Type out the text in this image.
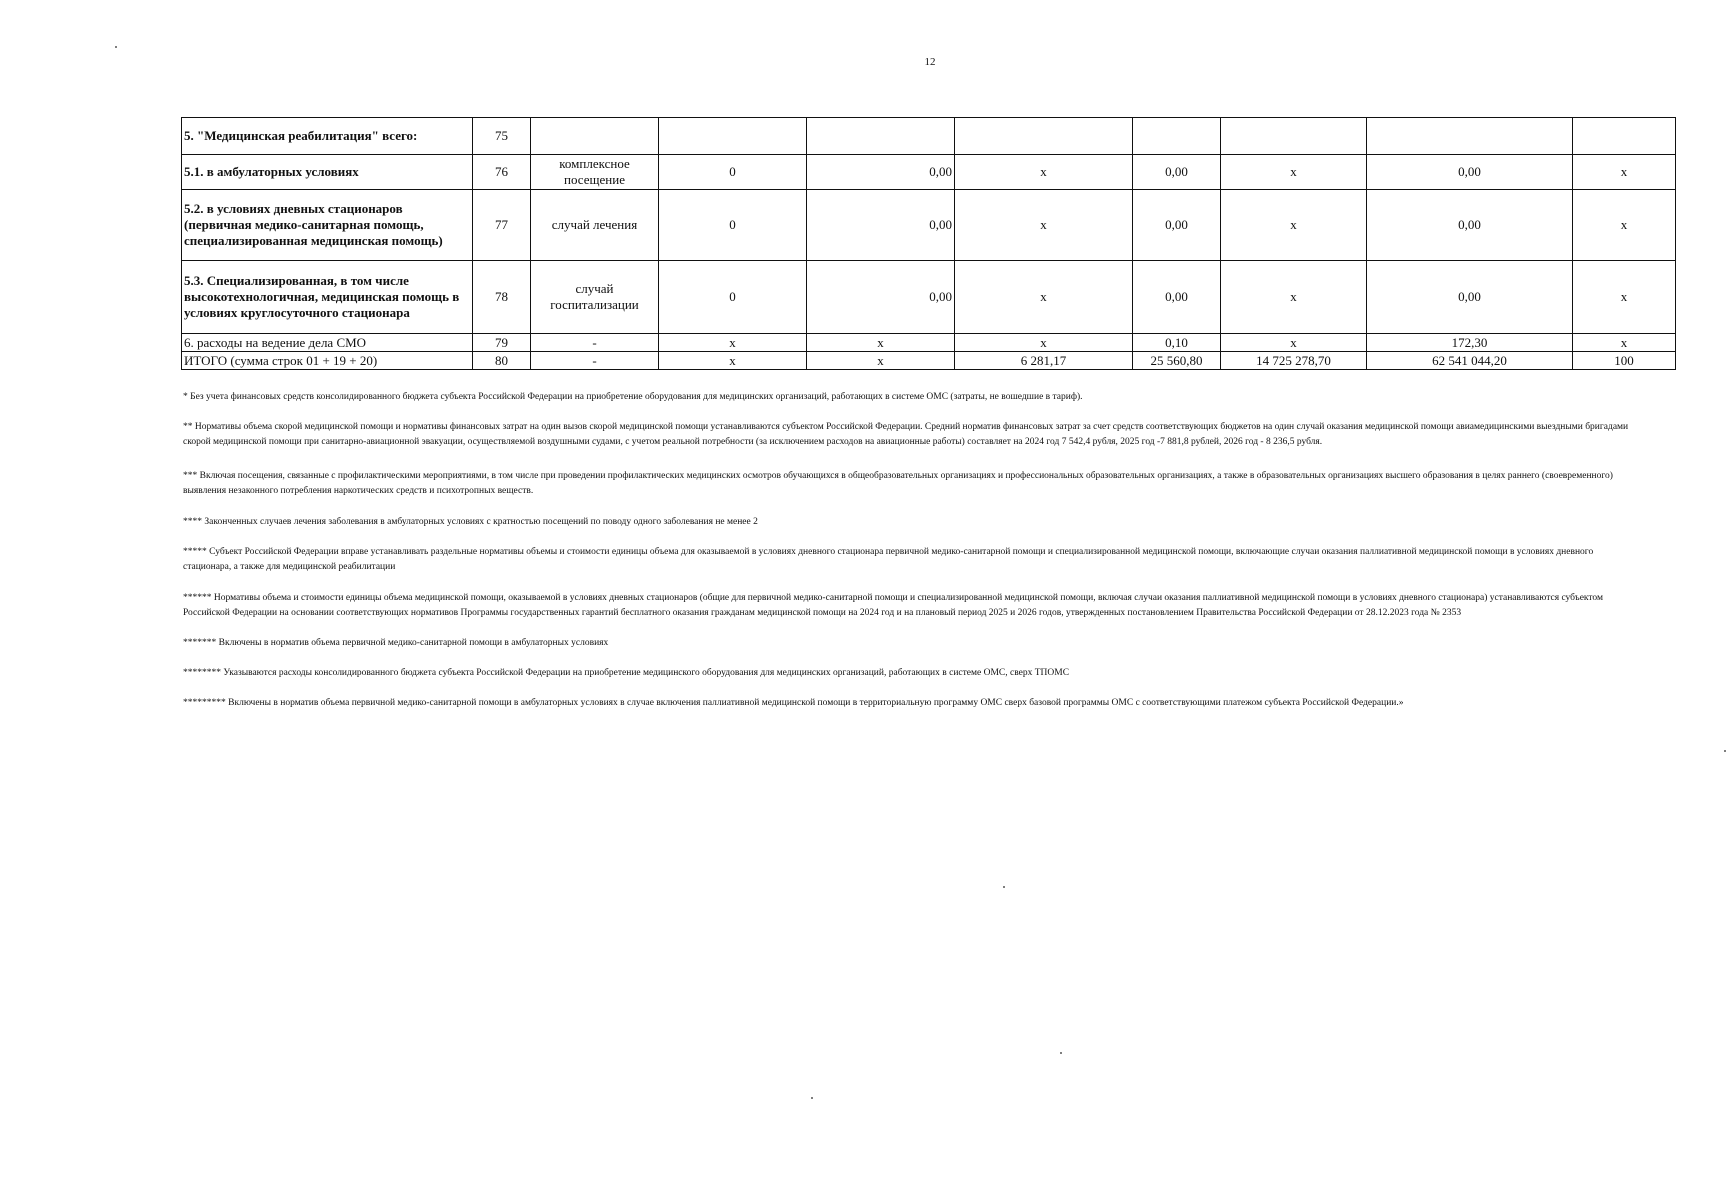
12
5. "Медицинская реабилитация" всего:	75								
5.1. в амбулаторных условиях	76	комплексное посещение	0	0,00	х	0,00	х	0,00	х
5.2. в условиях дневных стационаров (первичная медико-санитарная помощь, специализированная медицинская помощь)	77	случай лечения	0	0,00	х	0,00	х	0,00	х
5.3. Специализированная, в том числе высокотехнологичная, медицинская помощь в условиях круглосуточного стационара	78	случай госпитализации	0	0,00	х	0,00	х	0,00	х
6. расходы на ведение дела СМО	79	-	х	х	х	0,10	х	172,30	х
ИТОГО (сумма строк 01 + 19 + 20)	80	-	х	х	6 281,17	25 560,80	14 725 278,70	62 541 044,20	100

* Без учета финансовых средств консолидированного бюджета субъекта Российской Федерации на приобретение оборудования для медицинских организаций, работающих в системе ОМС (затраты, не вошедшие в тариф).

** Нормативы объема скорой медицинской помощи и нормативы финансовых затрат на один вызов скорой медицинской помощи устанавливаются субъектом Российской Федерации. Средний норматив финансовых затрат за счет средств соответствующих бюджетов на один случай оказания медицинской помощи авиамедицинскими выездными бригадами скорой медицинской помощи при санитарно-авиационной эвакуации, осуществляемой воздушными судами, с учетом реальной потребности (за исключением расходов на авиационные работы) составляет на 2024 год 7 542,4 рубля, 2025 год -7 881,8 рублей, 2026 год - 8 236,5 рубля.

*** Включая посещения, связанные с профилактическими мероприятиями, в том числе при проведении профилактических медицинских осмотров обучающихся в общеобразовательных организациях и профессиональных образовательных организациях, а также в образовательных организациях высшего образования в целях раннего (своевременного) выявления незаконного потребления наркотических средств и психотропных веществ.

**** Законченных случаев лечения заболевания в амбулаторных условиях с кратностью посещений по поводу одного заболевания не менее 2

***** Субъект Российской Федерации вправе устанавливать раздельные нормативы объемы и стоимости единицы объема для оказываемой в условиях дневного стационара первичной медико-санитарной помощи и специализированной медицинской помощи, включающие случаи оказания паллиативной медицинской помощи в условиях дневного стационара, а также для медицинской реабилитации

****** Нормативы объема и стоимости единицы объема медицинской помощи, оказываемой в условиях дневных стационаров (общие для первичной медико-санитарной помощи и специализированной медицинской помощи, включая случаи оказания паллиативной медицинской помощи в условиях дневного стационара) устанавливаются субъектом Российской Федерации на основании соответствующих нормативов Программы государственных гарантий бесплатного оказания гражданам медицинской помощи на 2024 год и на плановый период 2025 и 2026 годов, утвержденных постановлением Правительства Российской Федерации от 28.12.2023 года № 2353

******* Включены в норматив объема первичной медико-санитарной помощи в амбулаторных условиях

******** Указываются расходы консолидированного бюджета субъекта Российской Федерации на приобретение медицинского оборудования для медицинских организаций, работающих в системе ОМС, сверх ТПОМС

********* Включены в норматив объема первичной медико-санитарной помощи в амбулаторных условиях в случае включения паллиативной медицинской помощи в территориальную программу ОМС сверх базовой программы ОМС с соответствующими платежом субъекта Российской Федерации.»
